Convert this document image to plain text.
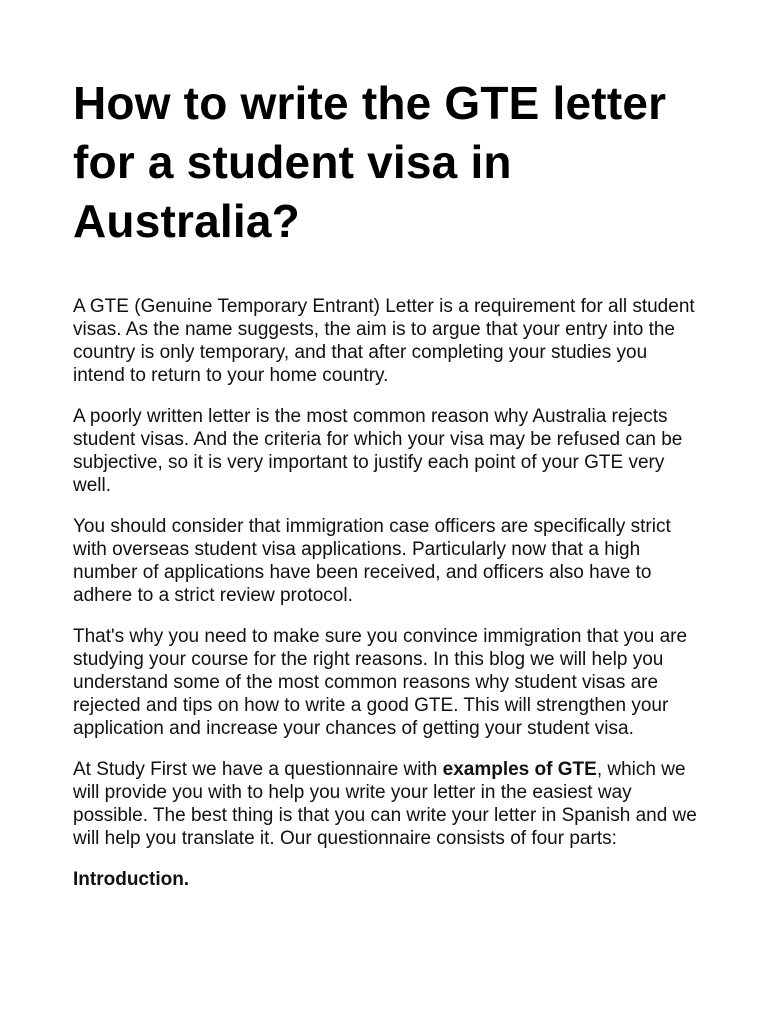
How to write the GTE letter for a student visa in Australia?

A GTE (Genuine Temporary Entrant) Letter is a requirement for all student visas. As the name suggests, the aim is to argue that your entry into the country is only temporary, and that after completing your studies you intend to return to your home country.

A poorly written letter is the most common reason why Australia rejects student visas. And the criteria for which your visa may be refused can be subjective, so it is very important to justify each point of your GTE very well.

You should consider that immigration case officers are specifically strict with overseas student visa applications. Particularly now that a high number of applications have been received, and officers also have to adhere to a strict review protocol.

That's why you need to make sure you convince immigration that you are studying your course for the right reasons. In this blog we will help you understand some of the most common reasons why student visas are rejected and tips on how to write a good GTE. This will strengthen your application and increase your chances of getting your student visa.

At Study First we have a questionnaire with examples of GTE, which we will provide you with to help you write your letter in the easiest way possible. The best thing is that you can write your letter in Spanish and we will help you translate it. Our questionnaire consists of four parts:

Introduction.
